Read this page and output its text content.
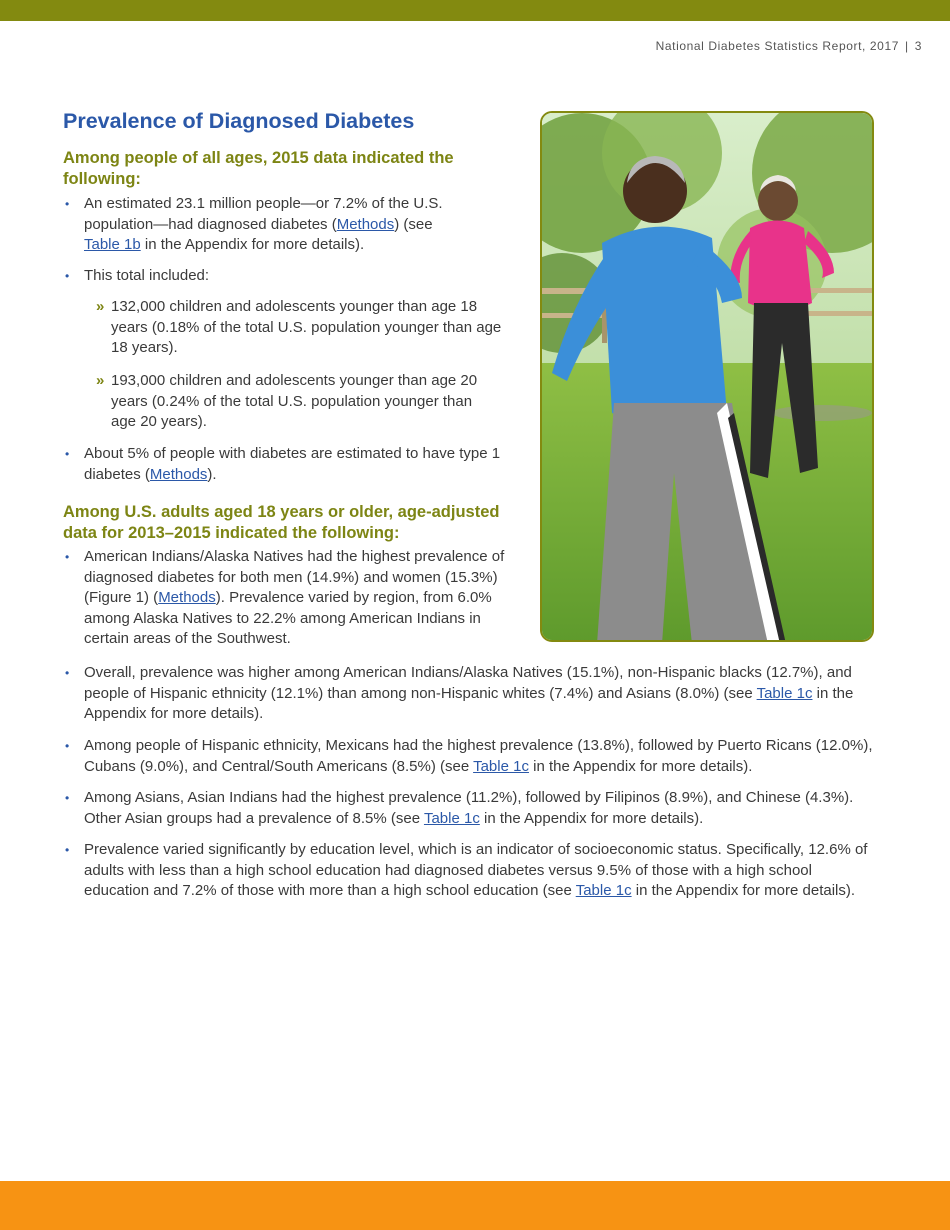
National Diabetes Statistics Report, 2017 | 3
Prevalence of Diagnosed Diabetes
Among people of all ages, 2015 data indicated the following:
• An estimated 23.1 million people—or 7.2% of the U.S. population—had diagnosed diabetes (Methods) (see Table 1b in the Appendix for more details).
• This total included:
» 132,000 children and adolescents younger than age 18 years (0.18% of the total U.S. population younger than age 18 years).
» 193,000 children and adolescents younger than age 20 years (0.24% of the total U.S. population younger than age 20 years).
• About 5% of people with diabetes are estimated to have type 1 diabetes (Methods).
Among U.S. adults aged 18 years or older, age-adjusted data for 2013–2015 indicated the following:
• American Indians/Alaska Natives had the highest prevalence of diagnosed diabetes for both men (14.9%) and women (15.3%) (Figure 1) (Methods). Prevalence varied by region, from 6.0% among Alaska Natives to 22.2% among American Indians in certain areas of the Southwest.
• Overall, prevalence was higher among American Indians/Alaska Natives (15.1%), non-Hispanic blacks (12.7%), and people of Hispanic ethnicity (12.1%) than among non-Hispanic whites (7.4%) and Asians (8.0%) (see Table 1c in the Appendix for more details).
• Among people of Hispanic ethnicity, Mexicans had the highest prevalence (13.8%), followed by Puerto Ricans (12.0%), Cubans (9.0%), and Central/South Americans (8.5%) (see Table 1c in the Appendix for more details).
• Among Asians, Asian Indians had the highest prevalence (11.2%), followed by Filipinos (8.9%), and Chinese (4.3%). Other Asian groups had a prevalence of 8.5% (see Table 1c in the Appendix for more details).
• Prevalence varied significantly by education level, which is an indicator of socioeconomic status. Specifically, 12.6% of adults with less than a high school education had diagnosed diabetes versus 9.5% of those with a high school education and 7.2% of those with more than a high school education (see Table 1c in the Appendix for more details).
